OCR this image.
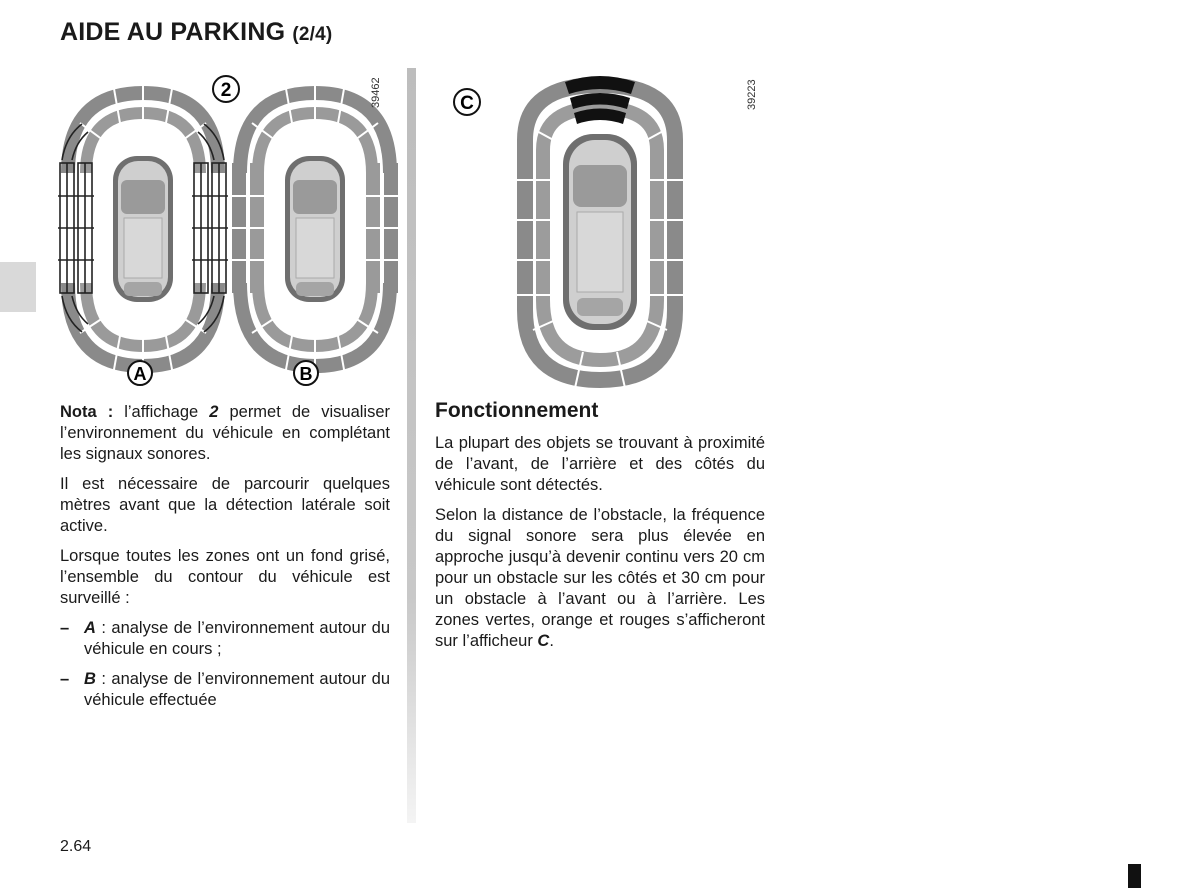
AIDE AU PARKING (2/4)
2
A	B
39462	C	39223

Nota : l’affichage 2 permet de visualiser l’environnement du véhicule en complétant les signaux sonores.

Il est nécessaire de parcourir quelques mètres avant que la détection latérale soit active.

Lorsque toutes les zones ont un fond grisé, l’ensemble du contour du véhicule est surveillé :

– A : analyse de l’environnement autour du véhicule en cours ;
– B : analyse de l’environnement autour du véhicule effectuée
Fonctionnement

La plupart des objets se trouvant à proximité de l’avant, de l’arrière et des côtés du véhicule sont détectés.

Selon la distance de l’obstacle, la fréquence du signal sonore sera plus élevée en approche jusqu’à devenir continu vers 20 cm pour un obstacle sur les côtés et 30 cm pour un obstacle à l’avant ou à l’arrière. Les zones vertes, orange et rouges s’afficheront sur l’afficheur C.

2.64
